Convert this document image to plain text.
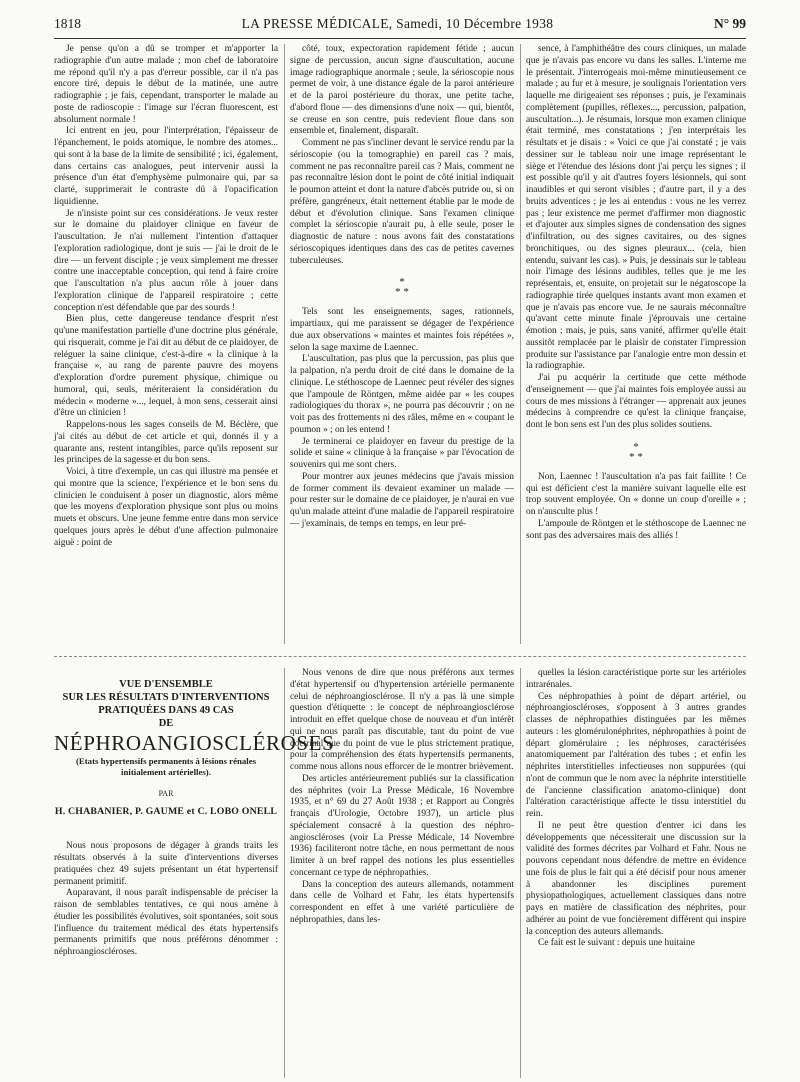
1818	LA PRESSE MÉDICALE, Samedi, 10 Décembre 1938	N° 99

Je pense qu'on a dû se tromper et m'apporter la radiographie d'un autre malade ; mon chef de laboratoire me répond qu'il n'y a pas d'erreur possible, car il n'a pas encore tiré, depuis le début de la matinée, une autre radiographie ; je fais, cependant, transporter le malade au poste de radioscopie : l'image sur l'écran fluorescent, est absolument normale !

Ici entrent en jeu, pour l'interprétation, l'épaisseur de l'épanchement, le poids atomique, le nombre des atomes... qui sont à la base de la limite de sensibilité ; ici, également, dans certains cas analogues, peut intervenir aussi la présence d'un état d'emphysème pulmonaire qui, par sa clarté, supprimerait le contraste dû à l'opacification liquidienne.

Je n'insiste point sur ces considérations. Je veux rester sur le domaine du plaidoyer clinique en faveur de l'auscultation. Je n'ai nullement l'intention d'attaquer l'exploration radiologique, dont je suis — j'ai le droit de le dire — un fervent disciple ; je veux simplement me dresser contre une inacceptable conception, qui tend à faire croire que l'auscultation n'a plus aucun rôle à jouer dans l'exploration clinique de l'appareil respiratoire ; cette conception n'est défendable que par des sourds !

Bien plus, cette dangereuse tendance d'esprit n'est qu'une manifestation partielle d'une doctrine plus générale, qui risquerait, comme je l'ai dit au début de ce plaidoyer, de reléguer la saine clinique, c'est-à-dire « la clinique à la française », au rang de parente pauvre des moyens d'exploration d'ordre purement physique, chimique ou humoral, qui, seuls, mériteraient la considération du médecin « moderne »..., lequel, à mon sens, cesserait ainsi d'être un clinicien !

Rappelons-nous les sages conseils de M. Béclère, que j'ai cités au début de cet article et qui, donnés il y a quarante ans, restent intangibles, parce qu'ils reposent sur les principes de la sagesse et du bon sens.

Voici, à titre d'exemple, un cas qui illustre ma pensée et qui montre que la science, l'expérience et le bon sens du clinicien le conduisent à poser un diagnostic, alors même que les moyens d'exploration physique sont plus ou moins muets et obscurs. Une jeune femme entre dans mon service quelques jours après le début d'une affection pulmonaire aiguë : point de

côté, toux, expectoration rapidement fétide ; aucun signe de percussion, aucun signe d'auscultation, aucune image radiographique anormale ; seule, la sérioscopie nous permet de voir, à une distance égale de la paroi antérieure et de la paroi postérieure du thorax, une petite tache, d'abord floue — des dimensions d'une noix — qui, bientôt, se creuse en son centre, puis redevient floue dans son ensemble et, finalement, disparaît.

Comment ne pas s'incliner devant le service rendu par la sérioscopie (ou la tomographie) en pareil cas ? mais, comment ne pas reconnaître pareil cas ? Mais, comment ne pas reconnaître lésion dont le point de côté initial indiquait le poumon atteint et dont la nature d'abcès putride ou, si on préfère, gangréneux, était nettement établie par le mode de début et d'évolution clinique. Sans l'examen clinique complet la sérioscopie n'aurait pu, à elle seule, poser le diagnostic de nature : nous avons fait des constatations sérioscopiques identiques dans des cas de petites cavernes tuberculeuses.

*
* *

Tels sont les enseignements, sages, rationnels, impartiaux, qui me paraissent se dégager de l'expérience due aux observations « maintes et maintes fois répétées », selon la sage maxime de Laennec.

L'auscultation, pas plus que la percussion, pas plus que la palpation, n'a perdu droit de cité dans le domaine de la clinique. Le stéthoscope de Laennec peut révéler des signes que l'ampoule de Röntgen, même aidée par « les coupes radiologiques du thorax », ne pourra pas découvrir ; on ne voit pas des frottements ni des râles, même en « coupant le poumon » ; on les entend !

Je terminerai ce plaidoyer en faveur du prestige de la solide et saine « clinique à la française » par l'évocation de souvenirs qui me sont chers.

Pour montrer aux jeunes médecins que j'avais mission de former comment ils devaient examiner un malade — pour rester sur le domaine de ce plaidoyer, je n'aurai en vue qu'un malade atteint d'une maladie de l'appareil respiratoire — j'examinais, de temps en temps, en leur pré-

sence, à l'amphithéâtre des cours cliniques, un malade que je n'avais pas encore vu dans les salles. L'interne me le présentait. J'interrogeais moi-même minutieusement ce malade ; au fur et à mesure, je soulignais l'orientation vers laquelle me dirigeaient ses réponses ; puis, je l'examinais complètement (pupilles, réflexes..., percussion, palpation, auscultation...). Je résumais, lorsque mon examen clinique était terminé, mes constatations ; j'en interprétais les résultats et je disais : « Voici ce que j'ai constaté ; je vais dessiner sur le tableau noir une image représentant le siège et l'étendue des lésions dont j'ai perçu les signes ; il est possible qu'il y ait d'autres foyers lésionnels, qui sont inaudibles et qui seront visibles ; d'autre part, il y a des bruits adventices ; je les ai entendus : vous ne les verrez pas ; leur existence me permet d'affirmer mon diagnostic et d'ajouter aux simples signes de condensation des signes d'infiltration, ou des signes cavitaires, ou des signes bronchitiques, ou des signes pleuraux... (cela, bien entendu, suivant les cas). » Puis, je dessinais sur le tableau noir l'image des lésions audibles, telles que je me les représentais, et, ensuite, on projetait sur le négatoscope la radiographie tirée quelques instants avant mon examen et que je n'avais pas encore vue. Je ne saurais méconnaître qu'avant cette minute finale j'éprouvais une certaine émotion ; mais, je puis, sans vanité, affirmer qu'elle était aussitôt remplacée par le plaisir de constater l'impression produite sur l'assistance par l'analogie entre mon dessin et la radiographie.

J'ai pu acquérir la certitude que cette méthode d'enseignement — que j'ai maintes fois employée aussi au cours de mes missions à l'étranger — apprenait aux jeunes médecins à comprendre ce qu'est la clinique française, dont le bon sens est l'un des plus solides soutiens.

*
* *

Non, Laennec ! l'auscultation n'a pas fait faillite ! Ce qui est déficient c'est la manière suivant laquelle elle est trop souvent employée. On « donne un coup d'oreille » ; on n'ausculte plus !

L'ampoule de Röntgen et le stéthoscope de Laennec ne sont pas des adversaires mais des alliés !

VUE D'ENSEMBLE
SUR LES RÉSULTATS D'INTERVENTIONS
PRATIQUÉES DANS 49 CAS
DE
NÉPHROANGIOSCLÉROSES
(Etats hypertensifs permanents à lésions rénales initialement artérielles).
PAR
H. CHABANIER, P. GAUME et C. LOBO ONELL

Nous nous proposons de dégager à grands traits les résultats observés à la suite d'interventions diverses pratiquées chez 49 sujets présentant un état hypertensif permanent primitif.

Auparavant, il nous paraît indispensable de préciser la raison de semblables tentatives, ce qui nous amène à étudier les possibilités évolutives, soit spontanées, soit sous l'influence du traitement médical des états hypertensifs permanents primitifs que nous préférons dénommer : néphroangioscléroses.

Nous venons de dire que nous préférons aux termes d'état hypertensif ou d'hypertension artérielle permanente celui de néphroangiosclérose. Il n'y a pas là une simple question d'étiquette : le concept de néphroangiosclérose introduit en effet quelque chose de nouveau et d'un intérêt qui ne nous paraît pas discutable, tant du point de vue doctrinal que du point de vue le plus strictement pratique, pour la compréhension des états hypertensifs permanents, comme nous allons nous efforcer de le montrer brièvement.

Des articles antérieurement publiés sur la classification des néphrites (voir La Presse Médicale, 16 Novembre 1935, et n° 69 du 27 Août 1938 ; et Rapport au Congrès français d'Urologie, Octobre 1937), un article plus spécialement consacré à la question des néphro-angioscléroses (voir La Presse Médicale, 14 Novembre 1936) faciliteront notre tâche, en nous permettant de nous limiter à un bref rappel des notions les plus essentielles concernant ce type de néphropathies.

Dans la conception des auteurs allemands, notamment dans celle de Volhard et Fahr, les états hypertensifs correspondent en effet à une variété particulière de néphropathies, dans les-

quelles la lésion caractéristique porte sur les artérioles intrarénales.

Ces néphropathies à point de départ artériel, ou néphroangioscléroses, s'opposent à 3 autres grandes classes de néphropathies distinguées par les mêmes auteurs : les glomérulonéphrites, néphropathies à point de départ glomérulaire ; les néphroses, caractérisées anatomiquement par l'altération des tubes ; et enfin les néphrites interstitielles infectieuses non suppurées (qui n'ont de commun que le nom avec la néphrite interstitielle de l'ancienne classification anatomo-clinique) dont l'altération caractéristique affecte le tissu interstitiel du rein.

Il ne peut être question d'entrer ici dans les développements que nécessiterait une discussion sur la validité des formes décrites par Volhard et Fahr. Nous ne pouvons cependant nous défendre de mettre en évidence une fois de plus le fait qui a été décisif pour nous amener à abandonner les disciplines purement physiopathologiques, actuellement classiques dans notre pays en matière de classification des néphrites, pour adhérer au point de vue foncièrement différent qui inspire la conception des auteurs allemands.

Ce fait est le suivant : depuis une huitaine
